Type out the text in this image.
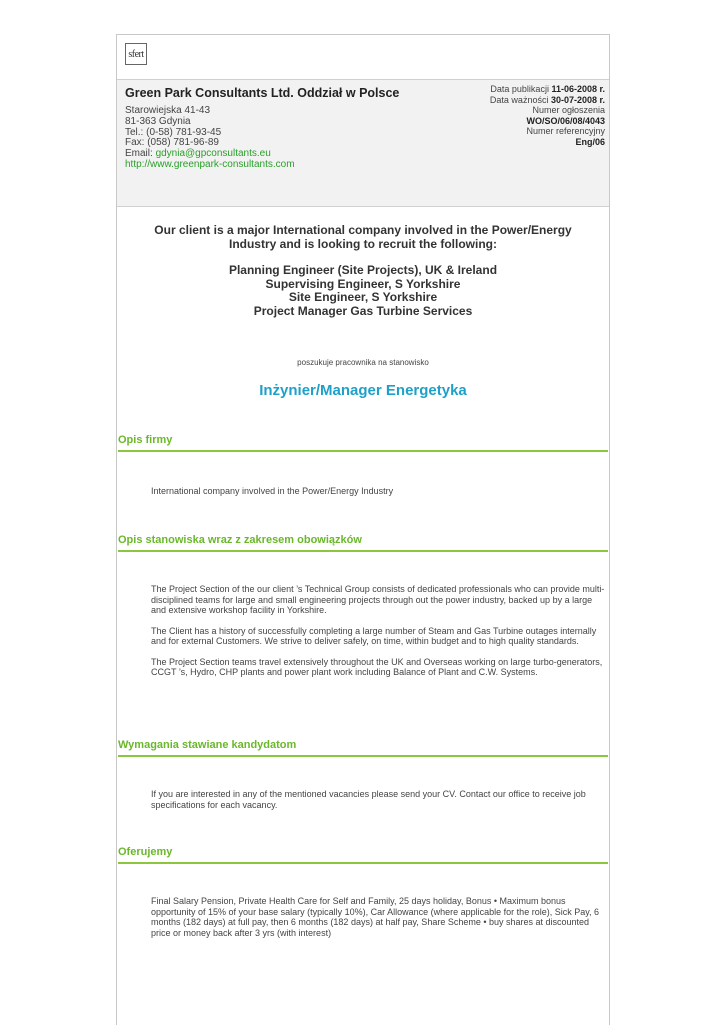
sfert
Green Park Consultants Ltd. Oddział w Polsce
Starowiejska 41-43
81-363 Gdynia
Tel.: (0-58) 781-93-45
Fax: (058) 781-96-89
Email: gdynia@gpconsultants.eu
http://www.greenpark-consultants.com
Data publikacji 11-06-2008 r.
Data ważności 30-07-2008 r.
Numer ogłoszenia
WO/SO/06/08/4043
Numer referencyjny
Eng/06
Our client is a major International company involved in the Power/Energy
Industry and is looking to recruit the following:
Planning Engineer (Site Projects), UK & Ireland
Supervising Engineer, S Yorkshire
Site Engineer, S Yorkshire
Project Manager Gas Turbine Services
poszukuje pracownika na stanowisko
Inżynier/Manager Energetyka
Opis firmy

International company involved in the Power/Energy Industry

Opis stanowiska wraz z zakresem obowiązków

The Project Section of the our client ’s Technical Group consists of dedicated professionals who can provide multi-disciplined teams for large and small engineering projects through out the power industry, backed up by a large and extensive workshop facility in Yorkshire.

The Client has a history of successfully completing a large number of Steam and Gas Turbine outages internally and for external Customers. We strive to deliver safely, on time, within budget and to high quality standards.

The Project Section teams travel extensively throughout the UK and Overseas working on large turbo-generators, CCGT ’s, Hydro, CHP plants and power plant work including Balance of Plant and C.W. Systems.

Wymagania stawiane kandydatom

If you are interested in any of the mentioned vacancies please send your CV. Contact our office to receive job specifications for each vacancy.

Oferujemy

Final Salary Pension, Private Health Care for Self and Family, 25 days holiday, Bonus • Maximum bonus opportunity of 15% of your base salary (typically 10%), Car Allowance (where applicable for the role), Sick Pay, 6 months (182 days) at full pay, then 6 months (182 days) at half pay, Share Scheme • buy shares at discounted price or money back after 3 yrs (with interest)
